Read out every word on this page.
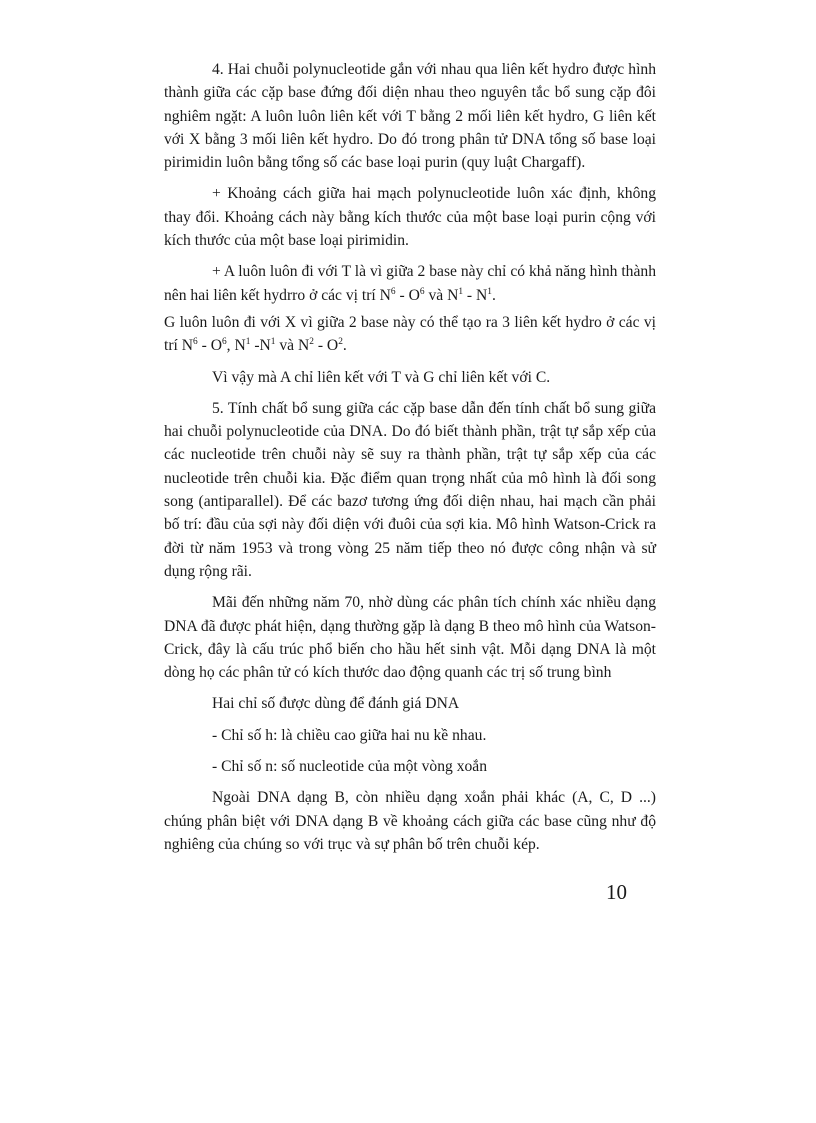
4. Hai chuỗi polynucleotide gắn với nhau qua liên kết hydro được hình thành giữa các cặp base đứng đối diện nhau theo nguyên tắc bổ sung cặp đôi nghiêm ngặt: A luôn luôn liên kết với T bằng 2 mối liên kết hydro, G liên kết với X bằng 3 mối liên kết hydro. Do đó trong phân tử DNA tổng số base loại pirimidin luôn bằng tổng số các base loại purin (quy luật Chargaff).

+ Khoảng cách giữa hai mạch polynucleotide luôn xác định, không thay đổi. Khoảng cách này bằng kích thước của một base loại purin cộng với kích thước của một base loại pirimidin.

+ A luôn luôn đi với T là vì giữa 2 base này chỉ có khả năng hình thành nên hai liên kết hydrro ở các vị trí $N^6 - O^6$ và $N^1 - N^1$.

G luôn luôn đi với X vì giữa 2 base này có thể tạo ra 3 liên kết hydro ở các vị trí $N^6 - O^6$, $N^1$ $-N^1$ và $N^2 - O^2$.

Vì vậy mà A chỉ liên kết với T và G chỉ liên kết với C.

5. Tính chất bổ sung giữa các cặp base dẫn đến tính chất bổ sung giữa hai chuỗi polynucleotide của DNA. Do đó biết thành phần, trật tự sắp xếp của các nucleotide trên chuỗi này sẽ suy ra thành phần, trật tự sắp xếp của các nucleotide trên chuỗi kia. Đặc điểm quan trọng nhất của mô hình là đối song song (antiparallel). Để các bazơ tương ứng đối diện nhau, hai mạch cần phải bố trí: đầu của sợi này đối diện với đuôi của sợi kia. Mô hình Watson-Crick ra đời từ năm 1953 và trong vòng 25 năm tiếp theo nó được công nhận và sử dụng rộng rãi.

Mãi đến những năm 70, nhờ dùng các phân tích chính xác nhiều dạng DNA đã được phát hiện, dạng thường gặp là dạng B theo mô hình của Watson-Crick, đây là cấu trúc phổ biến cho hầu hết sinh vật. Mỗi dạng DNA là một dòng họ các phân tử có kích thước dao động quanh các trị số trung bình

Hai chỉ số được dùng để đánh giá DNA

- Chỉ số h: là chiều cao giữa hai nu kề nhau.

- Chỉ số n: số nucleotide của một vòng xoắn

Ngoài DNA dạng B, còn nhiều dạng xoắn phải khác (A, C, D ...) chúng phân biệt với DNA dạng B về khoảng cách giữa các base cũng như độ nghiêng của chúng so với trục và sự phân bố trên chuỗi kép.

10
